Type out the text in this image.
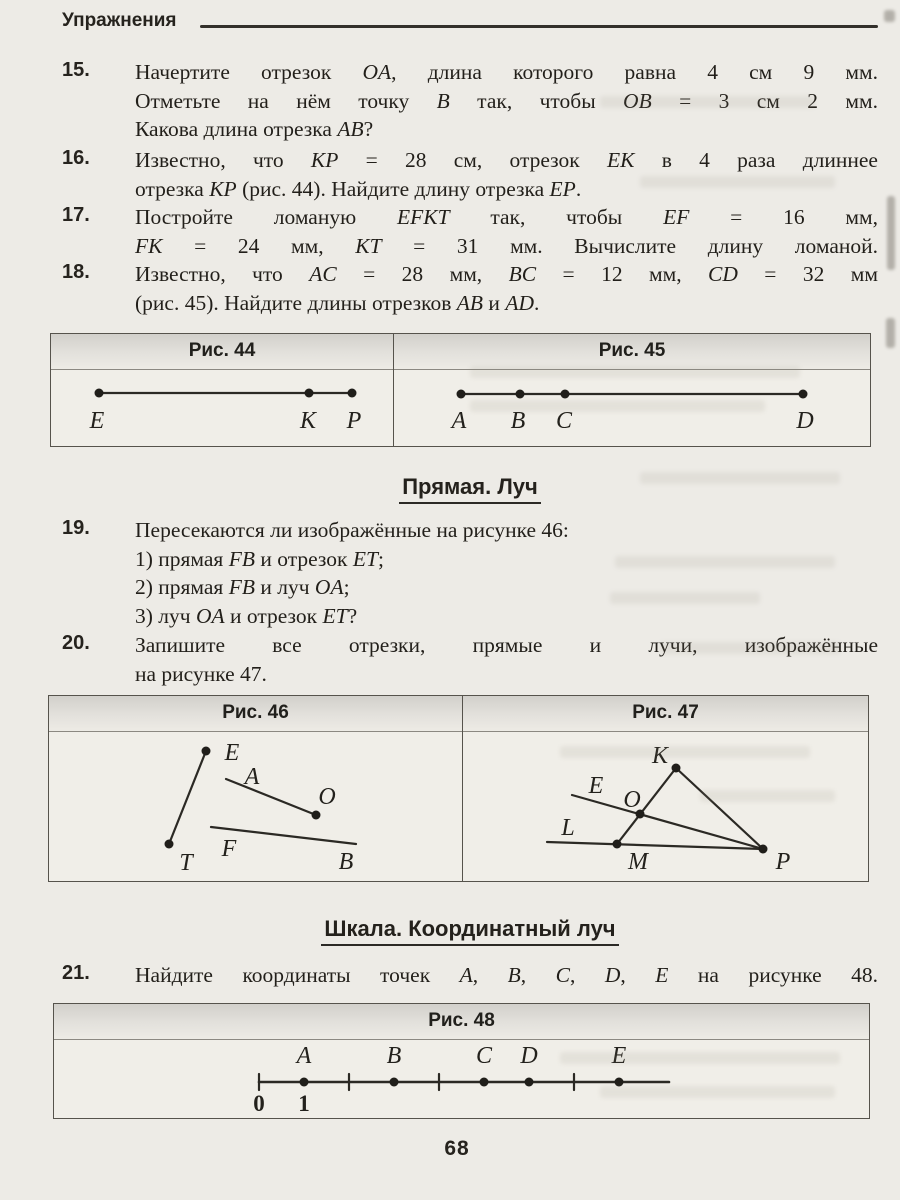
Упражнения
15.	Начертите отрезок OA, длина которого равна 4 см 9 мм.
Отметьте на нём точку B так, чтобы OB = 3 см 2 мм.
Какова длина отрезка AB?
16.	Известно, что KP = 28 см, отрезок EK в 4 раза длиннее
отрезка KP (рис. 44). Найдите длину отрезка EP.
17.	Постройте ломаную EFKT так, чтобы EF = 16 мм,
FK = 24 мм, KT = 31 мм. Вычислите длину ломаной.
18.	Известно, что AC = 28 мм, BC = 12 мм, CD = 32 мм
(рис. 45). Найдите длины отрезков AB и AD.
Рис. 44
E	K P
Рис. 45
A B C	D
Прямая. Луч
19.	Пересекаются ли изображённые на рисунке 46:
1) прямая FB и отрезок ET;
2) прямая FB и луч OA;
3) луч OA и отрезок ET?
20.	Запишите все отрезки, прямые и лучи, изображённые
на рисунке 47.
Рис. 46
E
A
O
T
F	B
Рис. 47
K
O
E
L
M	P
Шкала. Координатный луч
21.	Найдите координаты точек A, B, C, D, E на рисунке 48.
Рис. 48
A	B	C D	E
0 1
68
